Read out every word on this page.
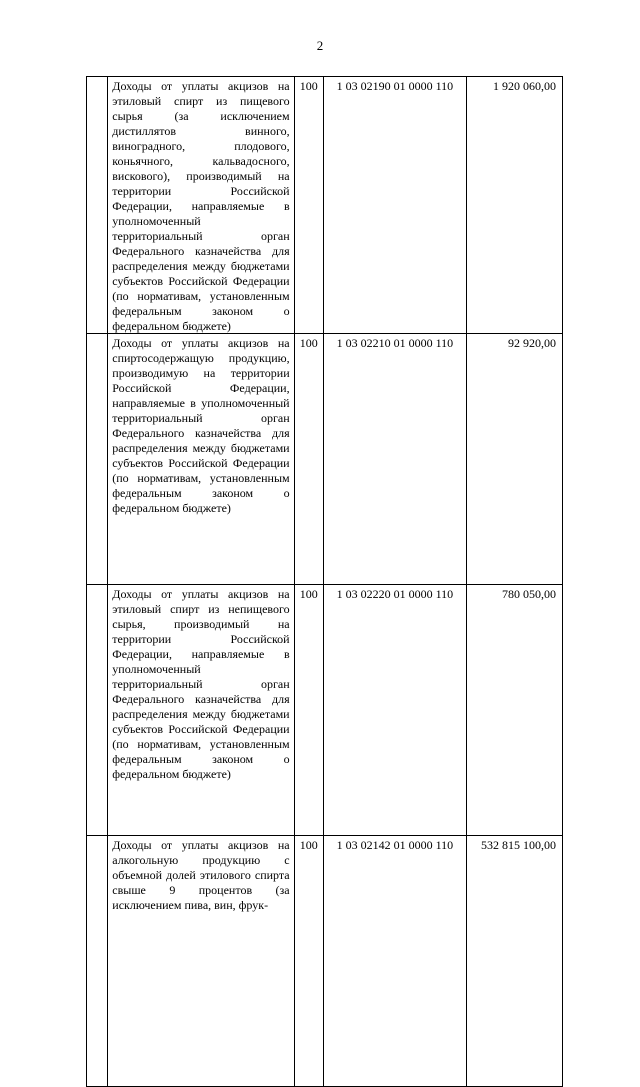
2

	Доходы от уплаты акцизов на этиловый спирт из пищевого сырья (за исключением дистиллятов винного, виноградного, плодового, коньячного, кальвадосного, вискового), производимый на территории Российской Федерации, направляемые в уполномоченный территориальный орган Федерального казначейства для распределения между бюджетами субъектов Российской Федерации (по нормативам, установленным федеральным законом о федеральном бюджете)	100	1 03 02190 01 0000 110	1 920 060,00

	Доходы от уплаты акцизов на спиртосодержащую продукцию, производимую на территории Российской Федерации, направляемые в уполномоченный территориальный орган Федерального казначейства для распределения между бюджетами субъектов Российской Федерации (по нормативам, установленным федеральным законом о федеральном бюджете)	100	1 03 02210 01 0000 110	92 920,00

	Доходы от уплаты акцизов на этиловый спирт из непищевого сырья, производимый на территории Российской Федерации, направляемые в уполномоченный территориальный орган Федерального казначейства для распределения между бюджетами субъектов Российской Федерации (по нормативам, установленным федеральным законом о федеральном бюджете)	100	1 03 02220 01 0000 110	780 050,00

	Доходы от уплаты акцизов на алкогольную продукцию с объемной долей этилового спирта свыше 9 процентов (за исключением пива, вин, фрук-	100	1 03 02142 01 0000 110	532 815 100,00
